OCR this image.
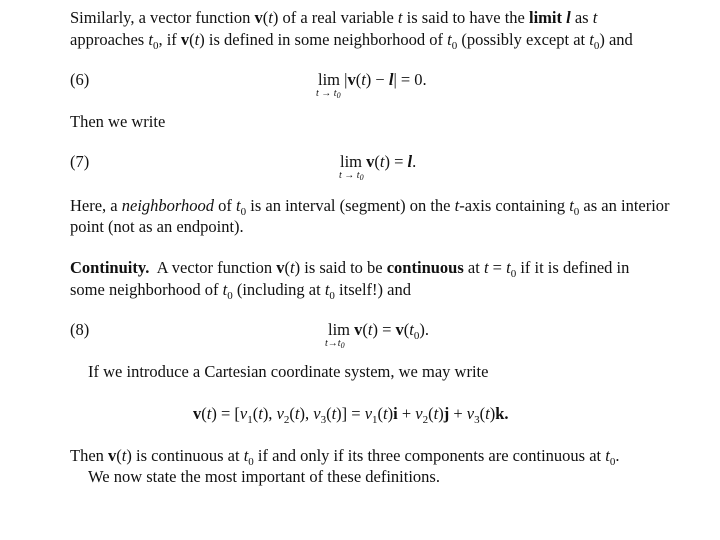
Similarly, a vector function v(t) of a real variable t is said to have the limit l as t
approaches $t_0$, if v(t) is defined in some neighborhood of $t_0$ (possibly except at $t_0$) and
(6)	lim |v(t) − l| = 0.
$t \to t_0$
Then we write
(7)	lim v(t) = l.
$t \to t_0$
Here, a neighborhood of $t_0$ is an interval (segment) on the t-axis containing $t_0$ as an interior
point (not as an endpoint).
Continuity.  A vector function v(t) is said to be continuous at $t = t_0$ if it is defined in
some neighborhood of $t_0$ (including at $t_0$ itself!) and
(8)	$\lim v(t) = v(t_0)$.
$t\to t_0$
If we introduce a Cartesian coordinate system, we may write
$v(t) = [v_1(t)$, $v_2(t)$, $v_3(t)] = v_1(t)i + v_2(t)j + v_3(t)k$.
Then v(t) is continuous at $t_0$ if and only if its three components are continuous at $t_0$.
We now state the most important of these definitions.
